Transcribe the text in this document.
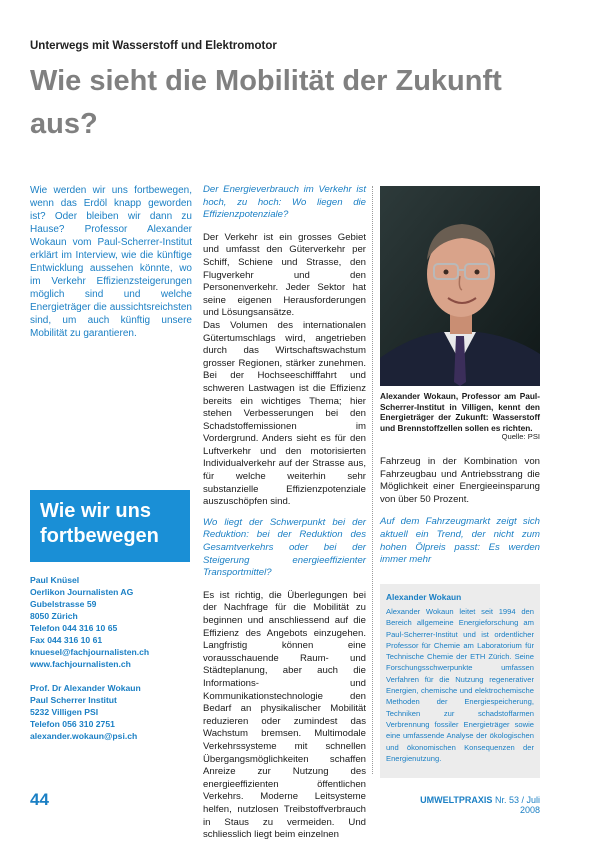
Unterwegs mit Wasserstoff und Elektromotor
Wie sieht die Mobilität der Zukunft aus?
Wie werden wir uns fortbewegen, wenn das Erdöl knapp geworden ist? Oder bleiben wir dann zu Hause? Professor Alexander Wokaun vom Paul-Scherrer-Institut erklärt im Interview, wie die künftige Entwicklung aussehen könnte, wo im Verkehr Effizienzsteigerungen möglich sind und welche Energieträger die aussichtsreichsten sind, um auch künftig unsere Mobilität zu garantieren.
Wie wir uns fortbewegen
Paul Knüsel
Oerlikon Journalisten AG
Gubelstrasse 59
8050 Zürich
Telefon 044 316 10 65
Fax 044 316 10 61
knuesel@fachjournalisten.ch
www.fachjournalisten.ch
Prof. Dr Alexander Wokaun
Paul Scherrer Institut
5232 Villigen PSI
Telefon 056 310 2751
alexander.wokaun@psi.ch

Der Energieverbrauch im Verkehr ist hoch, zu hoch: Wo liegen die Effizienzpotenziale?

Der Verkehr ist ein grosses Gebiet und umfasst den Güterverkehr per Schiff, Schiene und Strasse, den Flugverkehr und den Personenverkehr. Jeder Sektor hat seine eigenen Herausforderungen und Lösungsansätze.

Das Volumen des internationalen Gütertumschlags wird, angetrieben durch das Wirtschaftswachstum grosser Regionen, stärker zunehmen. Bei der Hochseeschifffahrt und schweren Lastwagen ist die Effizienz bereits ein wichtiges Thema; hier stehen Verbesserungen bei den Schadstoffemissionen im Vordergrund. Anders sieht es für den Luftverkehr und den motorisierten Individualverkehr auf der Strasse aus, für welche weiterhin sehr substanzielle Effizienzpotenziale auszuschöpfen sind.

Wo liegt der Schwerpunkt bei der Reduktion: bei der Reduktion des Gesamtverkehrs oder bei der Steigerung energieeffizienter Transportmittel?

Es ist richtig, die Überlegungen bei der Nachfrage für die Mobilität zu beginnen und anschliessend auf die Effizienz des Angebots einzugehen. Langfristig können eine vorausschauende Raum- und Städteplanung, aber auch die Informations- und Kommunikationstechnologie den Bedarf an physikalischer Mobilität reduzieren oder zumindest das Wachstum bremsen. Multimodale Verkehrssysteme mit schnellen Übergangsmöglichkeiten schaffen Anreize zur Nutzung des energieeffizienten öffentlichen Verkehrs. Moderne Leitsysteme helfen, nutzlosen Treibstoffverbrauch in Staus zu vermeiden. Und schliesslich liegt beim einzelnen

Alexander Wokaun, Professor am Paul-Scherrer-Institut in Villigen, kennt den Energieträger der Zukunft: Wasserstoff und Brennstoffzellen sollen es richten.
Quelle: PSI

Fahrzeug in der Kombination von Fahrzeugbau und Antriebsstrang die Möglichkeit einer Energieeinsparung von über 50 Prozent.

Auf dem Fahrzeugmarkt zeigt sich aktuell ein Trend, der nicht zum hohen Ölpreis passt: Es werden immer mehr

Alexander Wokaun
Alexander Wokaun leitet seit 1994 den Bereich allgemeine Energieforschung am Paul-Scherrer-Institut und ist ordentlicher Professor für Chemie am Laboratorium für Technische Chemie der ETH Zürich. Seine Forschungsschwerpunkte umfassen Verfahren für die Nutzung regenerativer Energien, chemische und elektrochemische Methoden der Energiespeicherung, Techniken zur schadstoffarmen Verbrennung fossiler Energieträger sowie eine umfassende Analyse der ökologischen und ökonomischen Konsequenzen der Energienutzung.
44	UMWELTPRAXIS Nr. 53 / Juli 2008
